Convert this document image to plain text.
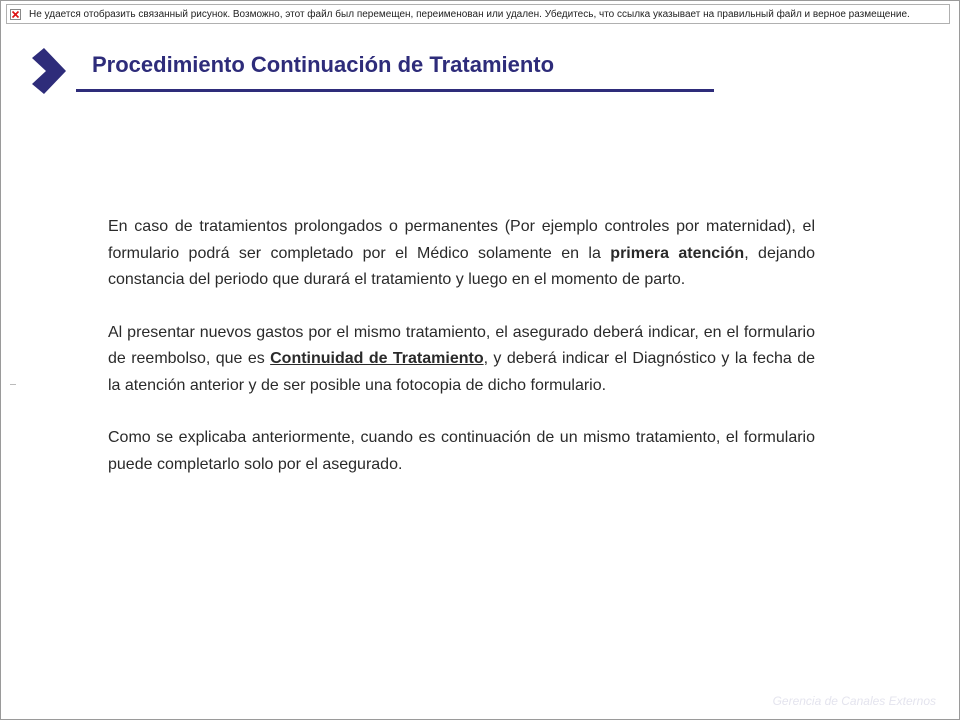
Не удается отобразить связанный рисунок. Возможно, этот файл был перемещен, переименован или удален. Убедитесь, что ссылка указывает на правильный файл и верное размещение.
Procedimiento Continuación de Tratamiento

En caso de tratamientos prolongados o permanentes (Por ejemplo controles por maternidad), el formulario podrá ser completado por el Médico solamente en la primera atención, dejando constancia del periodo que durará el tratamiento y luego en el momento de parto.

Al presentar nuevos gastos por el mismo tratamiento, el asegurado deberá indicar, en el formulario de reembolso, que es Continuidad de Tratamiento, y deberá indicar el Diagnóstico y la fecha de la atención anterior y de ser posible una fotocopia de dicho formulario.

Como se explicaba anteriormente, cuando es continuación de un mismo tratamiento, el formulario puede completarlo solo por el asegurado.

Gerencia de Canales Externos
